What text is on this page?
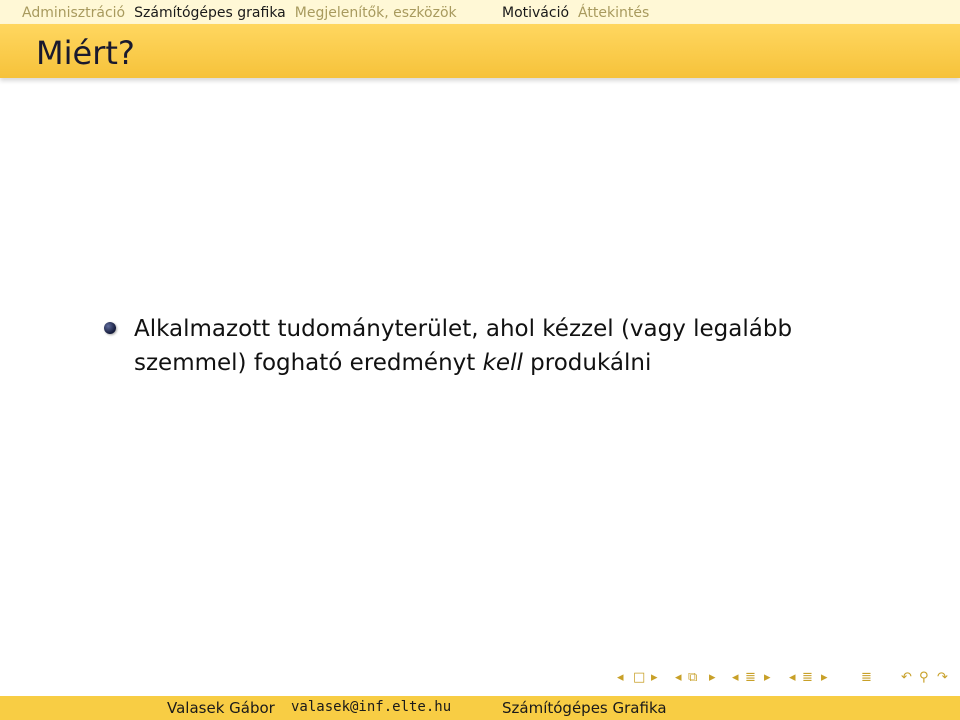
Adminisztráció Számítógépes grafika Megjelenítők, eszközök	Motiváció Áttekintés
Miért?
Alkalmazott tudományterület, ahol kézzel (vagy legalább
szemmel) fogható eredményt kell produkálni
◂ □ ▸ ◂ ⧉ ▸ ◂ ≣ ▸ ◂ ≣ ▸	≣ ↶ ⚲ ↷
Valasek Gábor valasek@inf.elte.hu	Számítógépes Grafika
